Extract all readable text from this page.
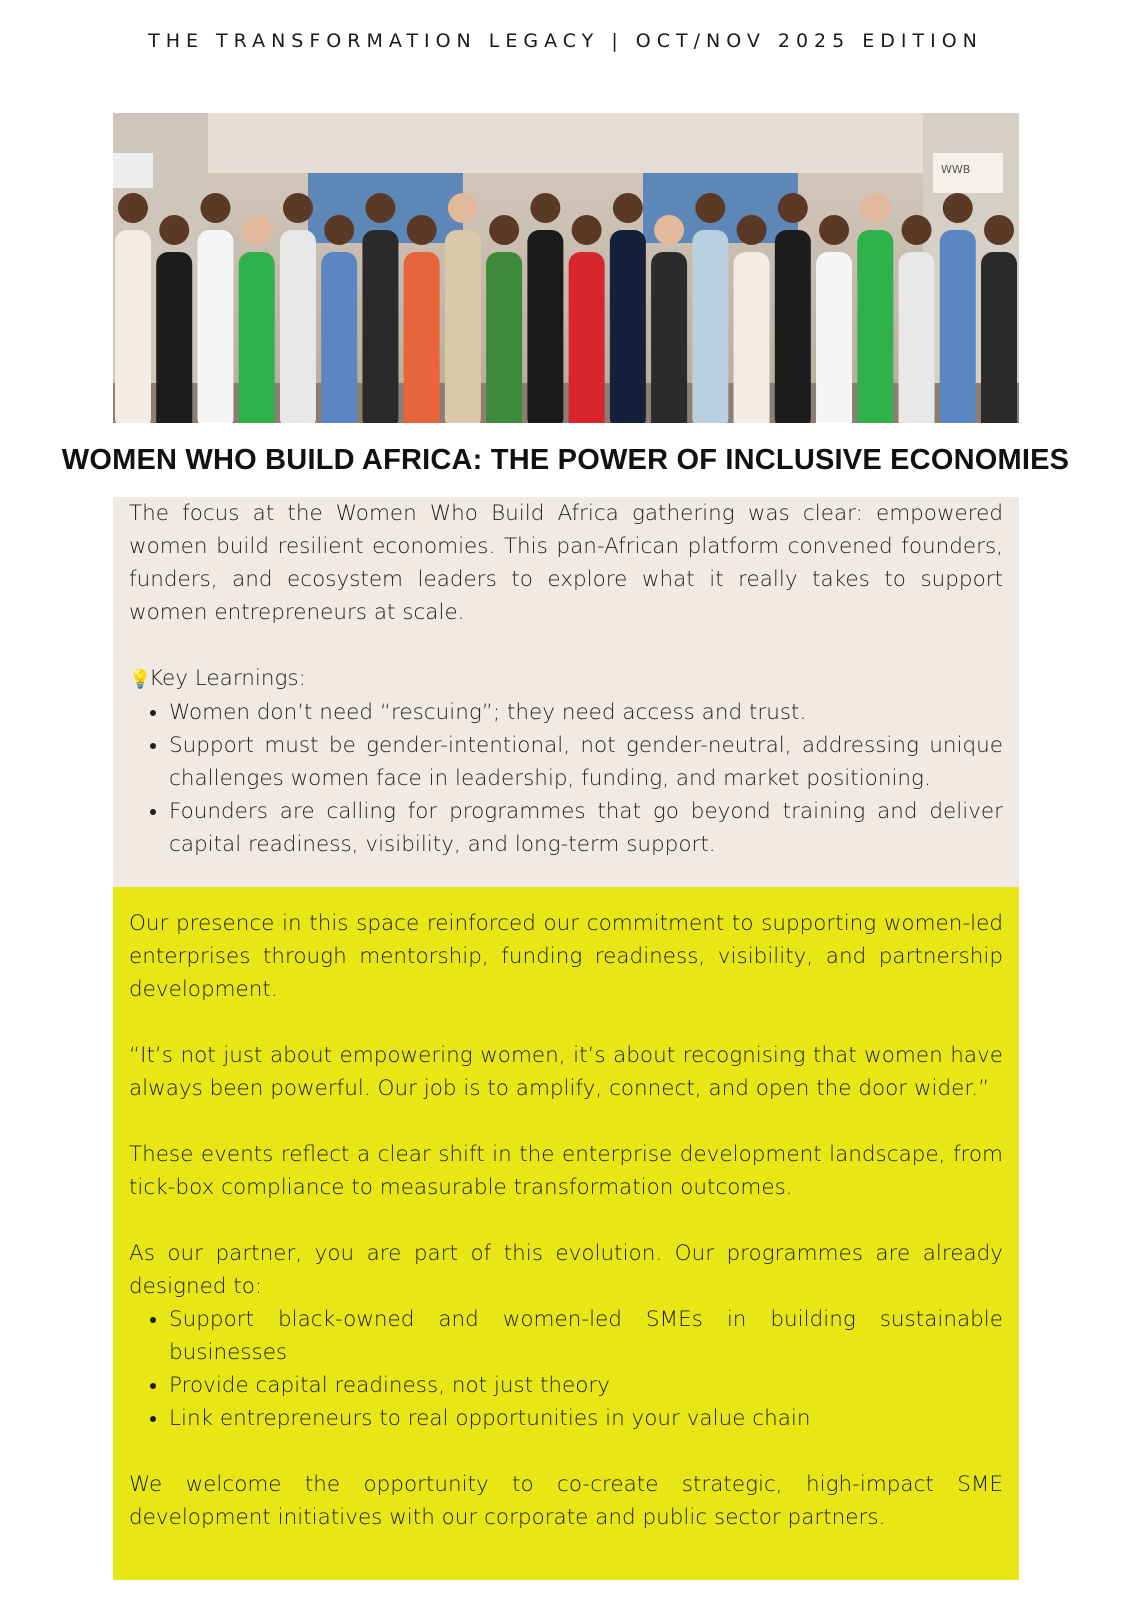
THE TRANSFORMATION LEGACY | OCT/NOV 2025 EDITION
WWB
WOMEN WHO BUILD AFRICA: THE POWER OF INCLUSIVE ECONOMIES

The focus at the Women Who Build Africa gathering was clear: empowered women build resilient economies. This pan-African platform convened founders, funders, and ecosystem leaders to explore what it really takes to support women entrepreneurs at scale.

💡Key Learnings:

• Women don’t need “rescuing”; they need access and trust.
• Support must be gender-intentional, not gender-neutral, addressing unique challenges women face in leadership, funding, and market positioning.
• Founders are calling for programmes that go beyond training and deliver capital readiness, visibility, and long-term support.

Our presence in this space reinforced our commitment to supporting women-led enterprises through mentorship, funding readiness, visibility, and partnership development.

“It’s not just about empowering women, it’s about recognising that women have always been powerful. Our job is to amplify, connect, and open the door wider.”

These events reflect a clear shift in the enterprise development landscape, from tick-box compliance to measurable transformation outcomes.

As our partner, you are part of this evolution. Our programmes are already designed to:

• Support black-owned and women-led SMEs in building sustainable businesses
• Provide capital readiness, not just theory
• Link entrepreneurs to real opportunities in your value chain

We welcome the opportunity to co-create strategic, high-impact SME development initiatives with our corporate and public sector partners.
